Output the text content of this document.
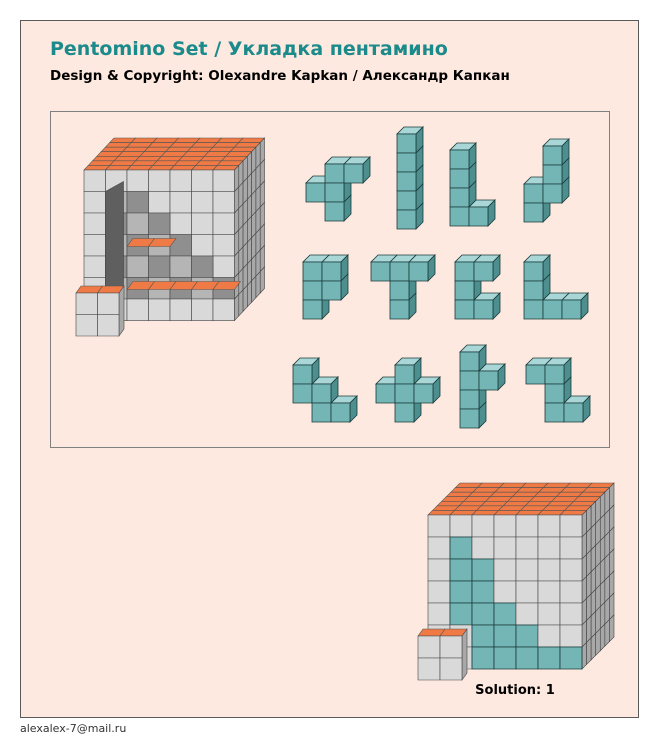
Pentomino Set / Укладка пентамино

Design & Copyright: Olexandre Kapkan / Александр Капкан

Solution: 1
alexalex-7@mail.ru
